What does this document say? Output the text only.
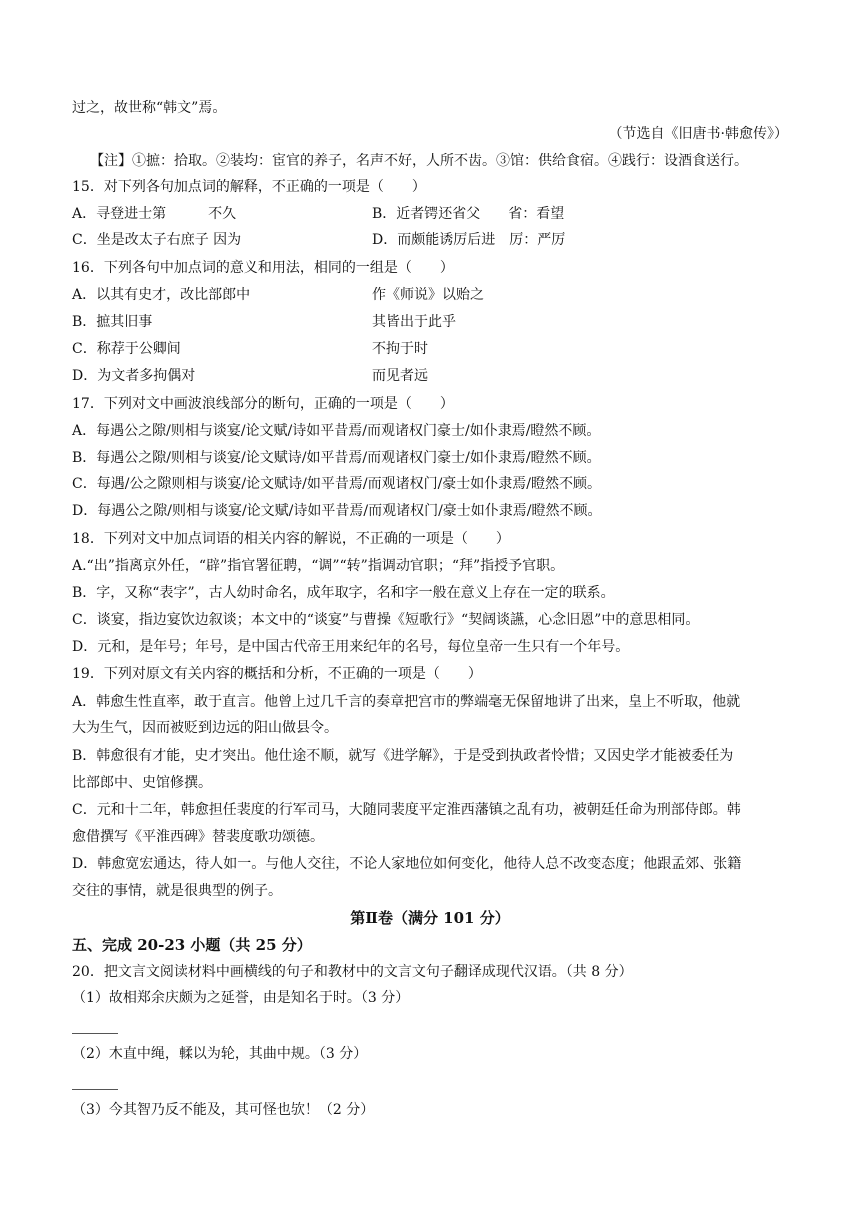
过之，故世称“韩文”焉。
（节选自《旧唐书·韩愈传》）
【注】①摭：拾取。②装均：宦官的养子，名声不好，人所不齿。③馆：供给食宿。④践行：设酒食送行。
15．对下列各句加点词的解释，不正确的一项是（　　）
A．寻登进士第　　　不久	B．近者锷还省父　　省：看望
C．坐是改太子右庶子 因为	D．而颇能诱厉后进　厉：严厉
16．下列各句中加点词的意义和用法，相同的一组是（　　）
A．以其有史才，改比部郎中	作《师说》以贻之
B．摭其旧事	其皆出于此乎
C．称荐于公卿间	不拘于时
D．为文者多拘偶对	而见者远
17．下列对文中画波浪线部分的断句，正确的一项是（　　）
A．每遇公之隙/则相与谈宴/论文赋/诗如平昔焉/而观诸权门豪士/如仆隶焉/瞪然不顾。
B．每遇公之隙/则相与谈宴/论文赋诗/如平昔焉/而观诸权门豪士/如仆隶焉/瞪然不顾。
C．每遇/公之隙则相与谈宴/论文赋诗/如平昔焉/而观诸权门/豪士如仆隶焉/瞪然不顾。
D．每遇公之隙/则相与谈宴/论文赋/诗如平昔焉/而观诸权门/豪士如仆隶焉/瞪然不顾。
18．下列对文中加点词语的相关内容的解说，不正确的一项是（　　）
A.“出”指离京外任，“辟”指官署征聘，“调”“转”指调动官职；“拜”指授予官职。
B．字，又称“表字”，古人幼时命名，成年取字，名和字一般在意义上存在一定的联系。
C．谈宴，指边宴饮边叙谈；本文中的“谈宴”与曹操《短歌行》“契阔谈讌，心念旧恩”中的意思相同。
D．元和，是年号；年号，是中国古代帝王用来纪年的名号，每位皇帝一生只有一个年号。
19．下列对原文有关内容的概括和分析，不正确的一项是（　　）
A．韩愈生性直率，敢于直言。他曾上过几千言的奏章把宫市的弊端毫无保留地讲了出来，皇上不听取，他就
大为生气，因而被贬到边远的阳山做县令。
B．韩愈很有才能，史才突出。他仕途不顺，就写《进学解》，于是受到执政者怜惜；又因史学才能被委任为
比部郎中、史馆修撰。
C．元和十二年，韩愈担任裴度的行军司马，大随同裴度平定淮西藩镇之乱有功，被朝廷任命为刑部侍郎。韩
愈借撰写《平淮西碑》替裴度歌功颂德。
D．韩愈宽宏通达，待人如一。与他人交往，不论人家地位如何变化，他待人总不改变态度；他跟孟郊、张籍
交往的事情，就是很典型的例子。
第Ⅱ卷（满分 101 分）
五、完成 20-23 小题（共 25 分）
20．把文言文阅读材料中画横线的句子和教材中的文言文句子翻译成现代汉语。（共 8 分）
（1）故相郑余庆颇为之延誉，由是知名于时。（3 分）
（2）木直中绳，輮以为轮，其曲中规。（3 分）
（3）今其智乃反不能及，其可怪也欤！（2 分）
